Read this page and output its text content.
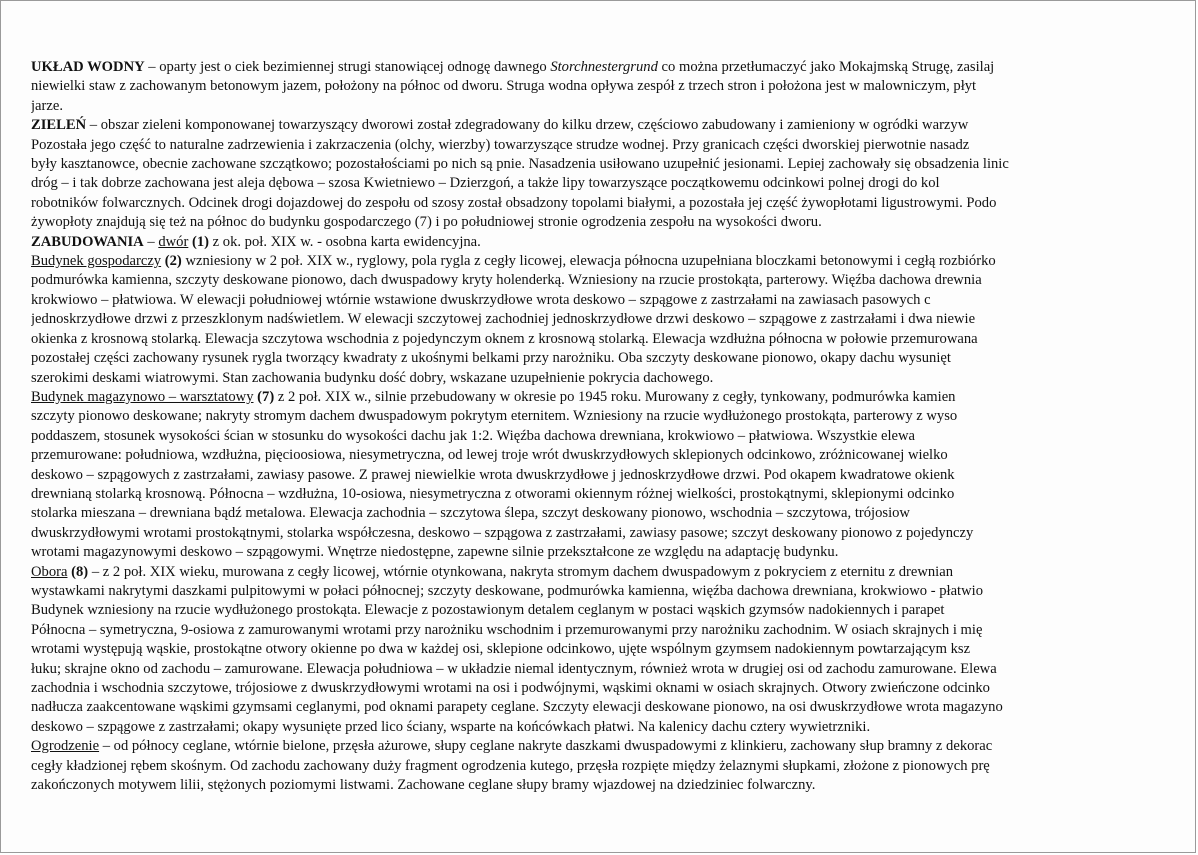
UKŁAD WODNY – oparty jest o ciek bezimiennej strugi stanowiącej odnogę dawnego Storchnestergrund co można przetłumaczyć jako Mokajmską Strugę, zasilaj
niewielki staw z zachowanym betonowym jazem, położony na północ od dworu. Struga wodna opływa zespół z trzech stron i położona jest w malowniczym, płyt
jarze.
ZIELEŃ – obszar zieleni komponowanej towarzyszący dworowi został zdegradowany do kilku drzew, częściowo zabudowany i zamieniony w ogródki warzyw
Pozostała jego część to naturalne zadrzewienia i zakrzaczenia (olchy, wierzby) towarzyszące strudze wodnej. Przy granicach części dworskiej pierwotnie nasadz
były kasztanowce, obecnie zachowane szczątkowo; pozostałościami po nich są pnie. Nasadzenia usiłowano uzupełnić jesionami. Lepiej zachowały się obsadzenia linic
dróg – i tak dobrze zachowana jest aleja dębowa – szosa Kwietniewo – Dzierzgoń, a także lipy towarzyszące początkowemu odcinkowi polnej drogi do kol
robotników folwarcznych. Odcinek drogi dojazdowej do zespołu od szosy został obsadzony topolami białymi, a pozostała jej część żywopłotami ligustrowymi. Podo
żywopłoty znajdują się też na północ do budynku gospodarczego (7) i po południowej stronie ogrodzenia zespołu na wysokości dworu.
ZABUDOWANIA – dwór (1) z ok. poł. XIX w. - osobna karta ewidencyjna.
Budynek gospodarczy (2) wzniesiony w 2 poł. XIX w., ryglowy, pola rygla z cegły licowej, elewacja północna uzupełniana bloczkami betonowymi i cegłą rozbiórko
podmurówka kamienna, szczyty deskowane pionowo, dach dwuspadowy kryty holenderką. Wzniesiony na rzucie prostokąta, parterowy. Więźba dachowa drewnia
krokwiowo – płatwiowa. W elewacji południowej wtórnie wstawione dwuskrzydłowe wrota deskowo – szpągowe z zastrzałami na zawiasach pasowych c
jednoskrzydłowe drzwi z przeszklonym nadświetlem. W elewacji szczytowej zachodniej jednoskrzydłowe drzwi deskowo – szpągowe z zastrzałami i dwa niewie
okienka z krosnową stolarką. Elewacja szczytowa wschodnia z pojedynczym oknem z krosnową stolarką. Elewacja wzdłużna północna w połowie przemurowana
pozostałej części zachowany rysunek rygla tworzący kwadraty z ukośnymi belkami przy narożniku. Oba szczyty deskowane pionowo, okapy dachu wysunięt
szerokimi deskami wiatrowymi. Stan zachowania budynku dość dobry, wskazane uzupełnienie pokrycia dachowego.
Budynek magazynowo – warsztatowy (7) z 2 poł. XIX w., silnie przebudowany w okresie po 1945 roku. Murowany z cegły, tynkowany, podmurówka kamien
szczyty pionowo deskowane; nakryty stromym dachem dwuspadowym pokrytym eternitem. Wzniesiony na rzucie wydłużonego prostokąta, parterowy z wyso
poddaszem, stosunek wysokości ścian w stosunku do wysokości dachu jak 1:2. Więźba dachowa drewniana, krokwiowo – płatwiowa. Wszystkie elewa
przemurowane: południowa, wzdłużna, pięcioosiowa, niesymetryczna, od lewej troje wrót dwuskrzydłowych sklepionych odcinkowo, zróżnicowanej wielko
deskowo – szpągowych z zastrzałami, zawiasy pasowe. Z prawej niewielkie wrota dwuskrzydłowe j jednoskrzydłowe drzwi. Pod okapem kwadratowe okienk
drewnianą stolarką krosnową. Północna – wzdłużna, 10-osiowa, niesymetryczna z otworami okiennym różnej wielkości, prostokątnymi, sklepionymi odcinko
stolarka mieszana – drewniana bądź metalowa. Elewacja zachodnia – szczytowa ślepa, szczyt deskowany pionowo, wschodnia – szczytowa, trójosiow
dwuskrzydłowymi wrotami prostokątnymi, stolarka współczesna, deskowo – szpągowa z zastrzałami, zawiasy pasowe; szczyt deskowany pionowo z pojedynczy
wrotami magazynowymi deskowo – szpągowymi. Wnętrze niedostępne, zapewne silnie przekształcone ze względu na adaptację budynku.
Obora (8) – z 2 poł. XIX wieku, murowana z cegły licowej, wtórnie otynkowana, nakryta stromym dachem dwuspadowym z pokryciem z eternitu z drewnian
wystawkami nakrytymi daszkami pulpitowymi w połaci północnej; szczyty deskowane, podmurówka kamienna, więźba dachowa drewniana, krokwiowo - płatwio
Budynek wzniesiony na rzucie wydłużonego prostokąta. Elewacje z pozostawionym detalem ceglanym w postaci wąskich gzymsów nadokiennych i parapet
Północna – symetryczna, 9-osiowa z zamurowanymi wrotami przy narożniku wschodnim i przemurowanymi przy narożniku zachodnim. W osiach skrajnych i mię
wrotami występują wąskie, prostokątne otwory okienne po dwa w każdej osi, sklepione odcinkowo, ujęte wspólnym gzymsem nadokiennym powtarzającym ksz
łuku; skrajne okno od zachodu – zamurowane. Elewacja południowa – w układzie niemal identycznym, również wrota w drugiej osi od zachodu zamurowane. Elewa
zachodnia i wschodnia szczytowe, trójosiowe z dwuskrzydłowymi wrotami na osi i podwójnymi, wąskimi oknami w osiach skrajnych. Otwory zwieńczone odcinko
nadłucza zaakcentowane wąskimi gzymsami ceglanymi, pod oknami parapety ceglane. Szczyty elewacji deskowane pionowo, na osi dwuskrzydłowe wrota magazyno
deskowo – szpągowe z zastrzałami; okapy wysunięte przed lico ściany, wsparte na końcówkach płatwi. Na kalenicy dachu cztery wywietrzniki.
Ogrodzenie – od północy ceglane, wtórnie bielone, przęsła ażurowe, słupy ceglane nakryte daszkami dwuspadowymi z klinkieru, zachowany słup bramny z dekorac
cegły kładzionej rębem skośnym. Od zachodu zachowany duży fragment ogrodzenia kutego, przęsła rozpięte między żelaznymi słupkami, złożone z pionowych prę
zakończonych motywem lilii, stężonych poziomymi listwami. Zachowane ceglane słupy bramy wjazdowej na dziedziniec folwarczny.
